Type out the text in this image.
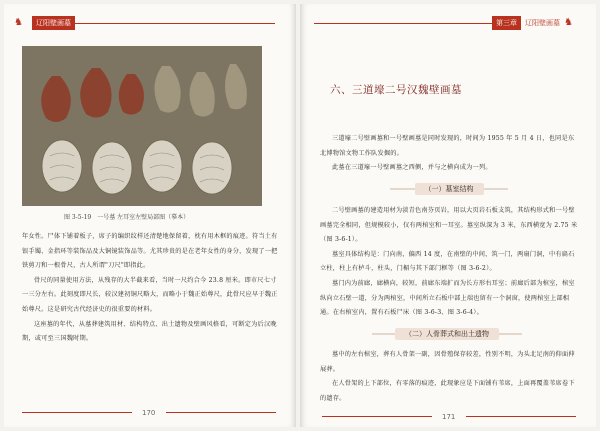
♞	辽阳壁画墓
图 3-5-19　一号墓 左耳室左壁局部图（摹本）

年女性。尸体下铺着板子，席子的编织纹样还清楚地保留着，枕有用木框的痕迹。符当土有银手镯、金指环等装饰品及大铜镜装饰品等。尤其珍贵的是在老年女性的身分，发现了一把铁剪刀和一根骨尺，古人所谓"刀尺"即指此。

骨尺的同量使用方法，从残存的大半截来看，当时一尺约合今 23.8 厘米。即市尺七寸一三分左右。此刻度即尺长，较汉建初铜尺略大，而略小于魏正始尊尺，此骨尺应早于魏正始尊尺。这是研究古代经济史的很重要的材料。

这座墓的年代，从墓葬建筑用材、结构特点、出土遗物及壁画风格看，可断定为后汉晚期，或可至三国魏时期。

170
第三章	辽阳壁画墓 ♞
六、三道壕二号汉魏壁画墓

三道壕二号壁画墓和一号壁画墓是同时发现的，时间为 1955 年 5 月 4 日，也同是东北博物馆文物工作队发掘的。

此墓在三道壕一号壁画墓之西侧，并与之横向成为一列。

（一）墓室结构

二号壁画墓的建造用材为淡青色南芬页岩，用以大页岩石板支筑，其结构形式和一号壁画墓完全相同，但规模较小，仅有两棺室和一耳室。墓室纵深为 3 米，东西横宽为 2.75 米（图 3-6-1）。

墓室具体结构是：门向南，偏西 14 度，在南壁的中间，筑一门，两扇门洞，中有扁石立柱，柱上有栌斗，柱头，门楣与其下部门框等（图 3-6-2）。

墓门内为前廊，廊横向，较短，前廊东端扩而为长方形右耳室；前廊后部为棺室，棺室纵向立石壁一道，分为两棺室，中间所立石板中部上端也留有一个洞窗，使两棺室上部相通。在右棺室内，置有石板尸床（图 3-6-3、图 3-6-4）。

（二）人骨葬式和出土遗物

墓中的左右棺室，葬有人骨架一副，因骨殖保存较差，性别不明，为头北足南的仰面伸展葬。

在人骨架的上下部位，有零落的痕迹，此现象应是下面铺有苇席，上面再覆盖苇席卷下的遗存。

171
